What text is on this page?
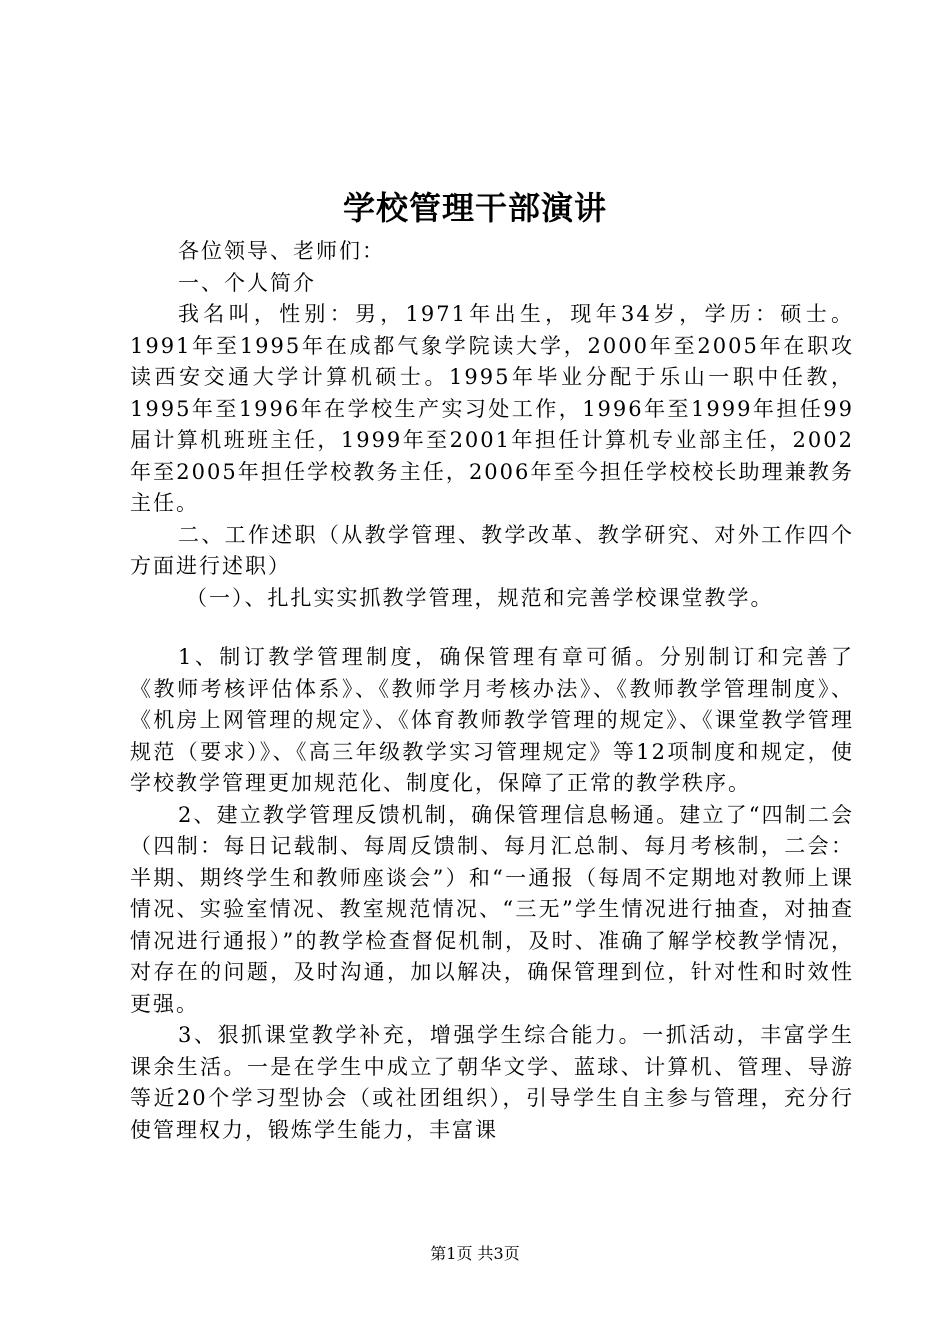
学校管理干部演讲

各位领导、老师们：

一、个人简介

我名叫，性别：男，1971年出生，现年34岁，学历：硕士。1991年至1995年在成都气象学院读大学，2000年至2005年在职攻读西安交通大学计算机硕士。1995年毕业分配于乐山一职中任教，1995年至1996年在学校生产实习处工作，1996年至1999年担任99届计算机班班主任，1999年至2001年担任计算机专业部主任，2002年至2005年担任学校教务主任，2006年至今担任学校校长助理兼教务主任。

二、工作述职（从教学管理、教学改革、教学研究、对外工作四个方面进行述职）

（一）、扎扎实实抓教学管理，规范和完善学校课堂教学。

1、制订教学管理制度，确保管理有章可循。分别制订和完善了《教师考核评估体系》、《教师学月考核办法》、《教师教学管理制度》、《机房上网管理的规定》、《体育教师教学管理的规定》、《课堂教学管理规范（要求）》、《高三年级教学实习管理规定》等12项制度和规定，使学校教学管理更加规范化、制度化，保障了正常的教学秩序。

2、建立教学管理反馈机制，确保管理信息畅通。建立了“四制二会（四制：每日记载制、每周反馈制、每月汇总制、每月考核制，二会：半期、期终学生和教师座谈会”）和“一通报（每周不定期地对教师上课情况、实验室情况、教室规范情况、“三无”学生情况进行抽查，对抽查情况进行通报）”的教学检查督促机制，及时、准确了解学校教学情况，对存在的问题，及时沟通，加以解决，确保管理到位，针对性和时效性更强。

3、狠抓课堂教学补充，增强学生综合能力。一抓活动，丰富学生课余生活。一是在学生中成立了朝华文学、蓝球、计算机、管理、导游等近20个学习型协会（或社团组织），引导学生自主参与管理，充分行使管理权力，锻炼学生能力，丰富课

第1页 共3页
